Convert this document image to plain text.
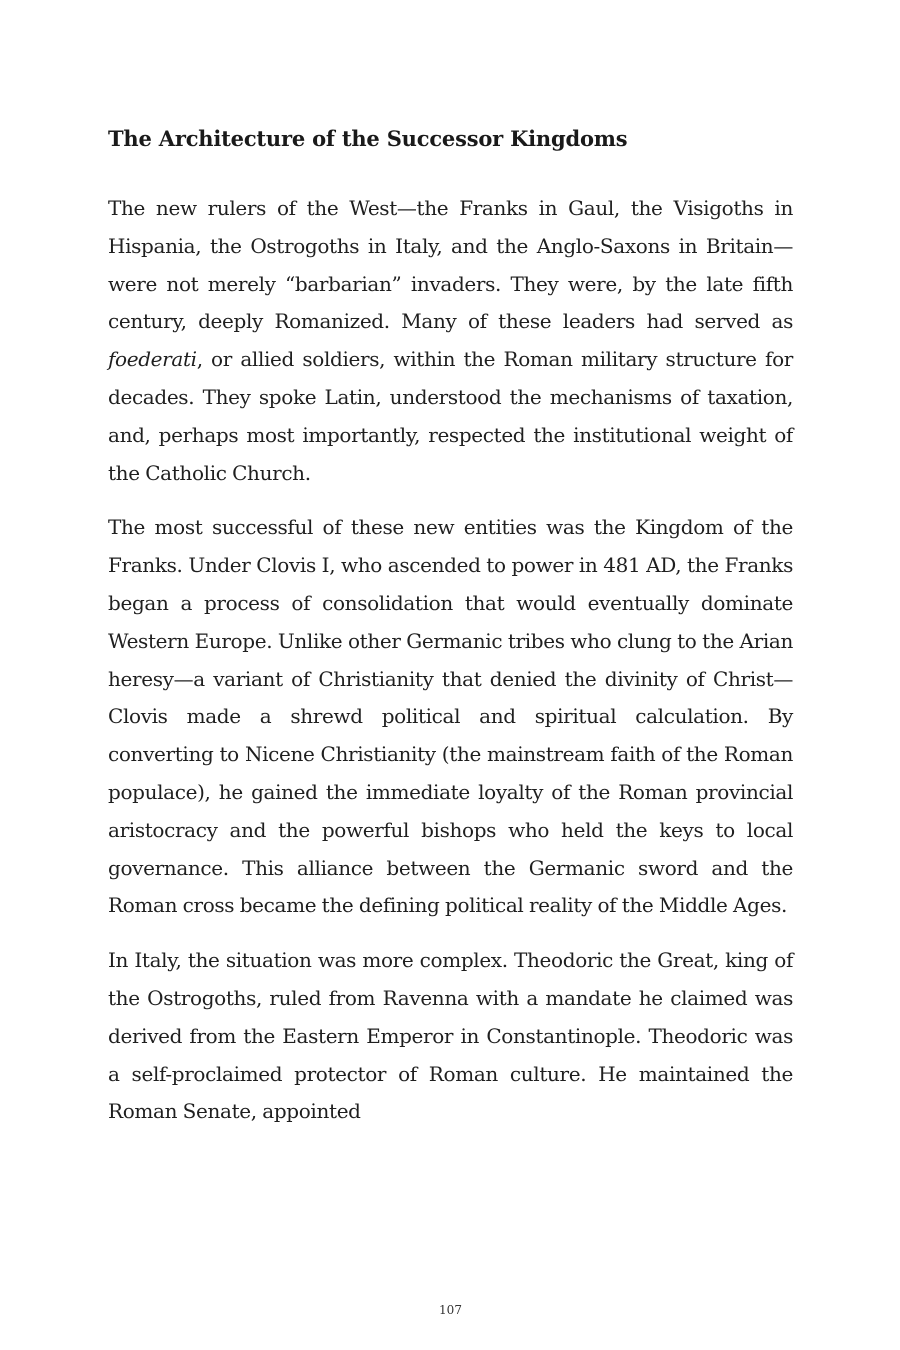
The Architecture of the Successor Kingdoms

The new rulers of the West—the Franks in Gaul, the Visigoths in Hispania, the Ostrogoths in Italy, and the Anglo-Saxons in Britain—were not merely “barbarian” invaders. They were, by the late fifth century, deeply Romanized. Many of these leaders had served as foederati, or allied soldiers, within the Roman military structure for decades. They spoke Latin, understood the mechanisms of taxation, and, perhaps most importantly, respected the institutional weight of the Catholic Church.

The most successful of these new entities was the Kingdom of the Franks. Under Clovis I, who ascended to power in 481 AD, the Franks began a process of consolidation that would eventually dominate Western Europe. Unlike other Germanic tribes who clung to the Arian heresy—a variant of Christianity that denied the divinity of Christ—Clovis made a shrewd political and spiritual calculation. By converting to Nicene Christianity (the mainstream faith of the Roman populace), he gained the immediate loyalty of the Roman provincial aristocracy and the powerful bishops who held the keys to local governance. This alliance between the Germanic sword and the Roman cross became the defining political reality of the Middle Ages.

In Italy, the situation was more complex. Theodoric the Great, king of the Ostrogoths, ruled from Ravenna with a mandate he claimed was derived from the Eastern Emperor in Constantinople. Theodoric was a self-proclaimed protector of Roman culture. He maintained the Roman Senate, appointed

107
